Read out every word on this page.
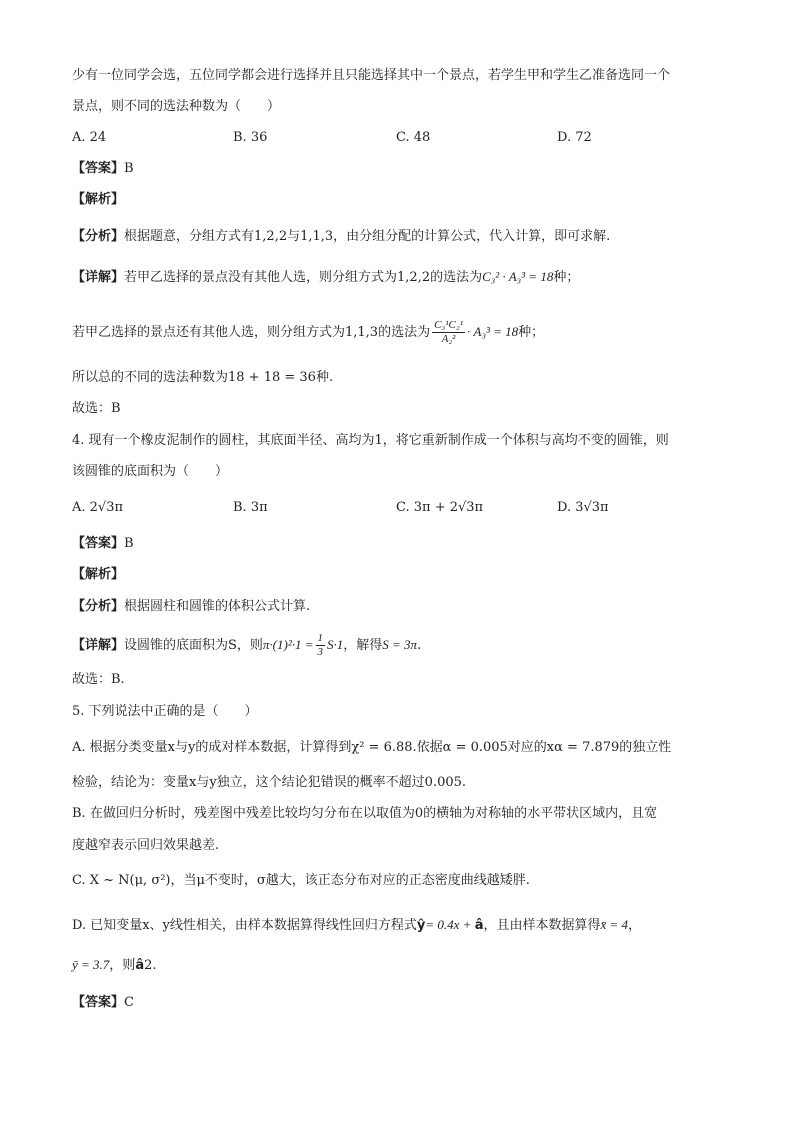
少有一位同学会选，五位同学都会进行选择并且只能选择其中一个景点，若学生甲和学生乙准备选同一个
景点，则不同的选法种数为（　　）
A. 24	B. 36	C. 48	D. 72
【答案】B
【解析】
【分析】根据题意，分组方式有1,2,2与1,1,3，由分组分配的计算公式，代入计算，即可求解.
【详解】若甲乙选择的景点没有其他人选，则分组方式为1,2,2的选法为C₃² · A₃³ = 18种；
若甲乙选择的景点还有其他人选，则分组方式为1,1,3的选法为 $\frac{\text{C₃¹C₂¹}}{\text{A₂²}} \cdot A_3^3 = 18$种；
所以总的不同的选法种数为18 + 18 = 36种.
故选：B
4. 现有一个橡皮泥制作的圆柱，其底面半径、高均为1，将它重新制作成一个体积与高均不变的圆锥，则
该圆锥的底面积为（　　）
A. 2√3π	B. 3π	C. 3π + 2√3π	D. 3√3π
【答案】B
【解析】
【分析】根据圆柱和圆锥的体积公式计算.
【详解】设圆锥的底面积为S，则$\pi\cdot(1)^2\cdot 1 = \frac{1}{3} S\cdot 1$，解得S = 3π.
故选：B.
5. 下列说法中正确的是（　　）
A. 根据分类变量x与y的成对样本数据，计算得到χ² = 6.88.依据α = 0.005对应的xα = 7.879的独立性
检验，结论为：变量x与y独立，这个结论犯错误的概率不超过0.005.
B. 在做回归分析时，残差图中残差比较均匀分布在以取值为0的横轴为对称轴的水平带状区域内，且宽
度越窄表示回归效果越差.
C. X ~ N(μ, σ²)，当μ不变时，σ越大，该正态分布对应的正态密度曲线越矮胖.
D. 已知变量x、y线性相关，由样本数据算得线性回归方程式ŷ= 0.4x + â，且由样本数据算得x̄ = 4，
ȳ = 3.7，则â2.
【答案】C
